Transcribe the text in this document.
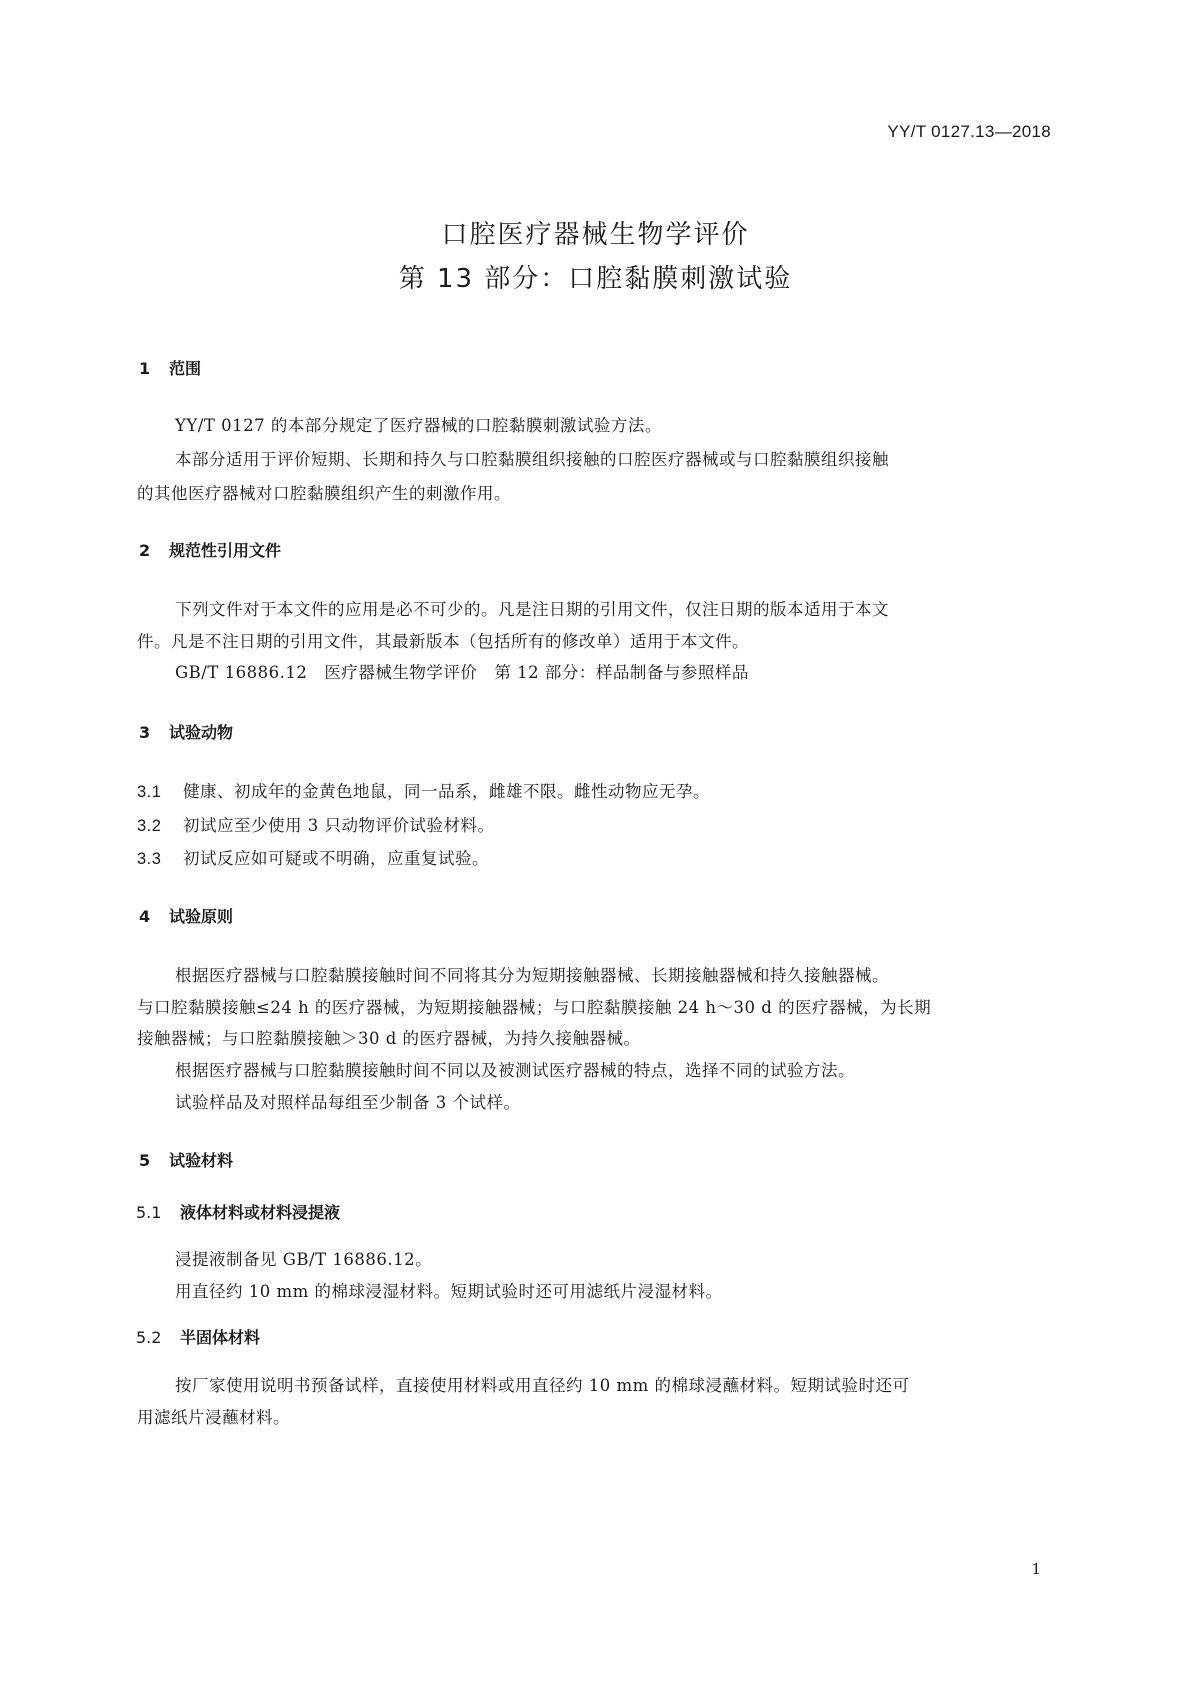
YY/T 0127.13—2018
口腔医疗器械生物学评价
第 13 部分：口腔黏膜刺激试验
1 范围
YY/T 0127 的本部分规定了医疗器械的口腔黏膜刺激试验方法。
本部分适用于评价短期、长期和持久与口腔黏膜组织接触的口腔医疗器械或与口腔黏膜组织接触
的其他医疗器械对口腔黏膜组织产生的刺激作用。
2 规范性引用文件
下列文件对于本文件的应用是必不可少的。凡是注日期的引用文件，仅注日期的版本适用于本文
件。凡是不注日期的引用文件，其最新版本（包括所有的修改单）适用于本文件。
GB/T 16886.12　医疗器械生物学评价　第 12 部分：样品制备与参照样品
3 试验动物
3.1 健康、初成年的金黄色地鼠，同一品系，雌雄不限。雌性动物应无孕。
3.2 初试应至少使用 3 只动物评价试验材料。
3.3 初试反应如可疑或不明确，应重复试验。
4 试验原则
根据医疗器械与口腔黏膜接触时间不同将其分为短期接触器械、长期接触器械和持久接触器械。
与口腔黏膜接触≤24 h 的医疗器械，为短期接触器械；与口腔黏膜接触 24 h～30 d 的医疗器械，为长期
接触器械；与口腔黏膜接触＞30 d 的医疗器械，为持久接触器械。
根据医疗器械与口腔黏膜接触时间不同以及被测试医疗器械的特点，选择不同的试验方法。
试验样品及对照样品每组至少制备 3 个试样。
5 试验材料
5.1 液体材料或材料浸提液
浸提液制备见 GB/T 16886.12。
用直径约 10 mm 的棉球浸湿材料。短期试验时还可用滤纸片浸湿材料。
5.2 半固体材料
按厂家使用说明书预备试样，直接使用材料或用直径约 10 mm 的棉球浸蘸材料。短期试验时还可
用滤纸片浸蘸材料。
1
